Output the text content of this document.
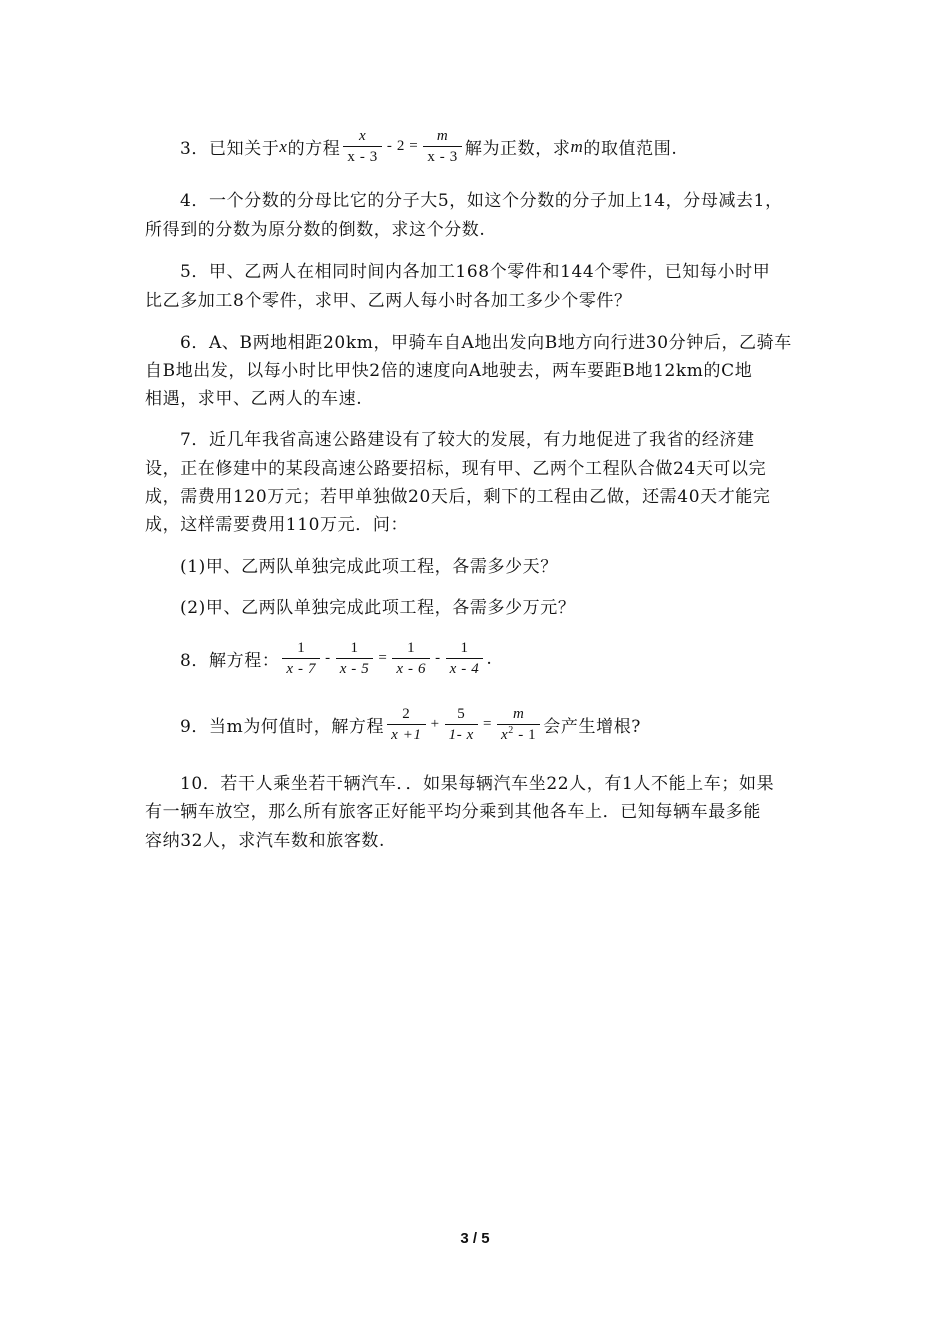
3．已知关于 x 的方程 $\frac{x}{x - 3} - 2 = \frac{m}{x - 3}$ 解为正数，求 m 的取值范围.
4．一个分数的分母比它的分子大5，如这个分数的分子加上14，分母减去1，
所得到的分数为原分数的倒数，求这个分数.
5．甲、乙两人在相同时间内各加工168个零件和144个零件，已知每小时甲
比乙多加工8个零件，求甲、乙两人每小时各加工多少个零件？
6．A、B两地相距20km，甲骑车自A地出发向B地方向行进30分钟后，乙骑车
自B地出发，以每小时比甲快2倍的速度向A地驶去，两车要距B地12km的C地
相遇，求甲、乙两人的车速.
7．近几年我省高速公路建设有了较大的发展，有力地促进了我省的经济建
设，正在修建中的某段高速公路要招标，现有甲、乙两个工程队合做24天可以完
成，需费用120万元；若甲单独做20天后，剩下的工程由乙做，还需40天才能完
成，这样需要费用110万元．问：
(1)甲、乙两队单独完成此项工程，各需多少天？
(2)甲、乙两队单独完成此项工程，各需多少万元？
8．解方程： $\frac{1}{x - 7} - \frac{1}{x - 5} = \frac{1}{x - 6} - \frac{1}{x - 4}$ .
9．当m为何值时，解方程 $\frac{2}{x +1} + \frac{5}{1- x} = \frac{m}{x^2 - 1}$ 会产生增根?
10．若干人乘坐若干辆汽车．．如果每辆汽车坐22人，有1人不能上车；如果
有一辆车放空，那么所有旅客正好能平均分乘到其他各车上．已知每辆车最多能
容纳32人，求汽车数和旅客数.
3 / 5
